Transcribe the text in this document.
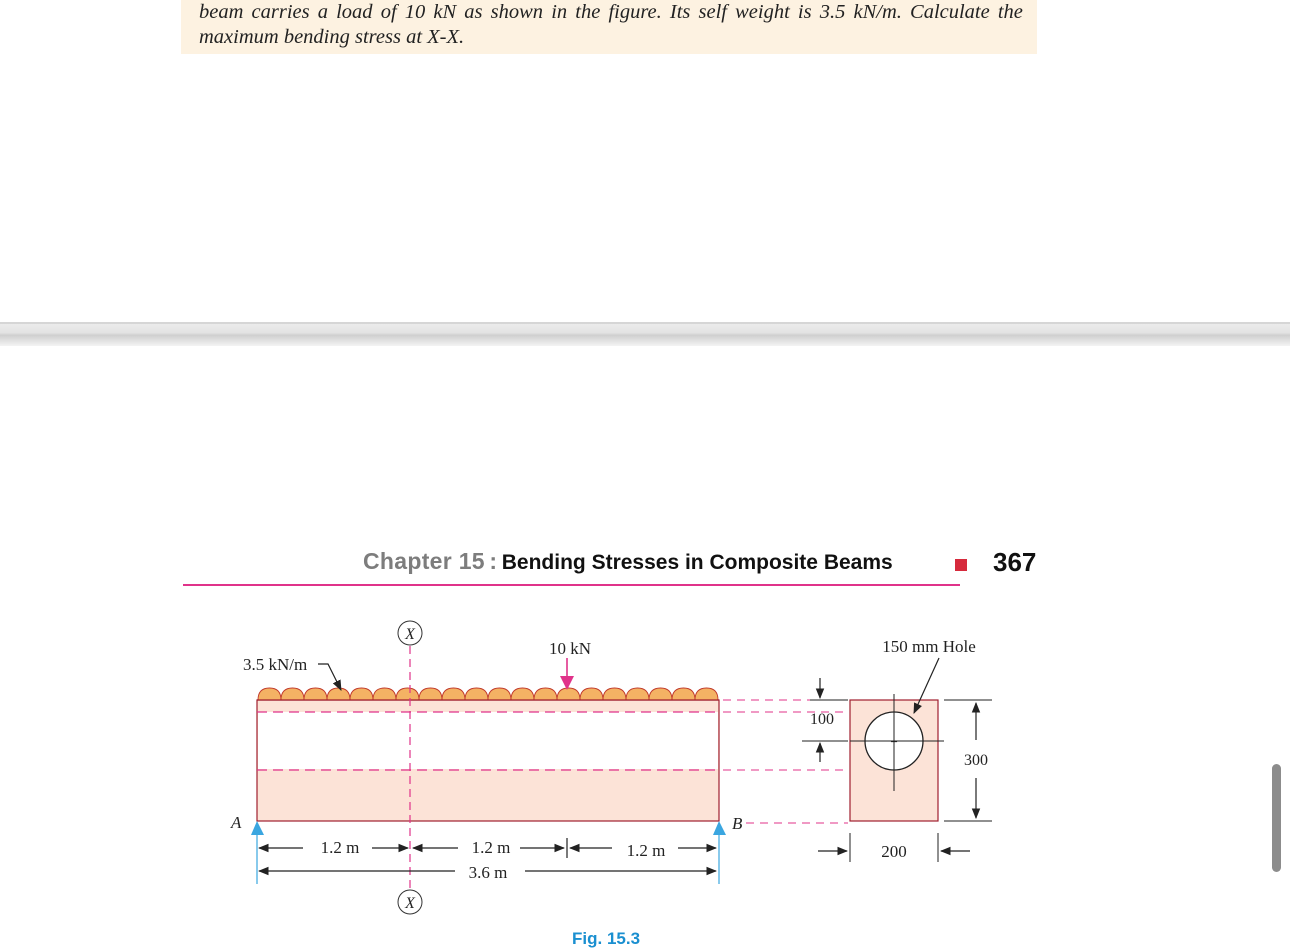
beam carries a load of 10 kN as shown in the figure. Its self weight is 3.5 kN/m. Calculate the
maximum bending stress at X-X.
Chapter 15 : Bending Stresses in Composite Beams	367
X
X
3.5 kN/m
10 kN
A	B
1.2 m	1.2 m	1.2 m
3.6 m
+
150 mm Hole
100
300
200
Fig. 15.3
